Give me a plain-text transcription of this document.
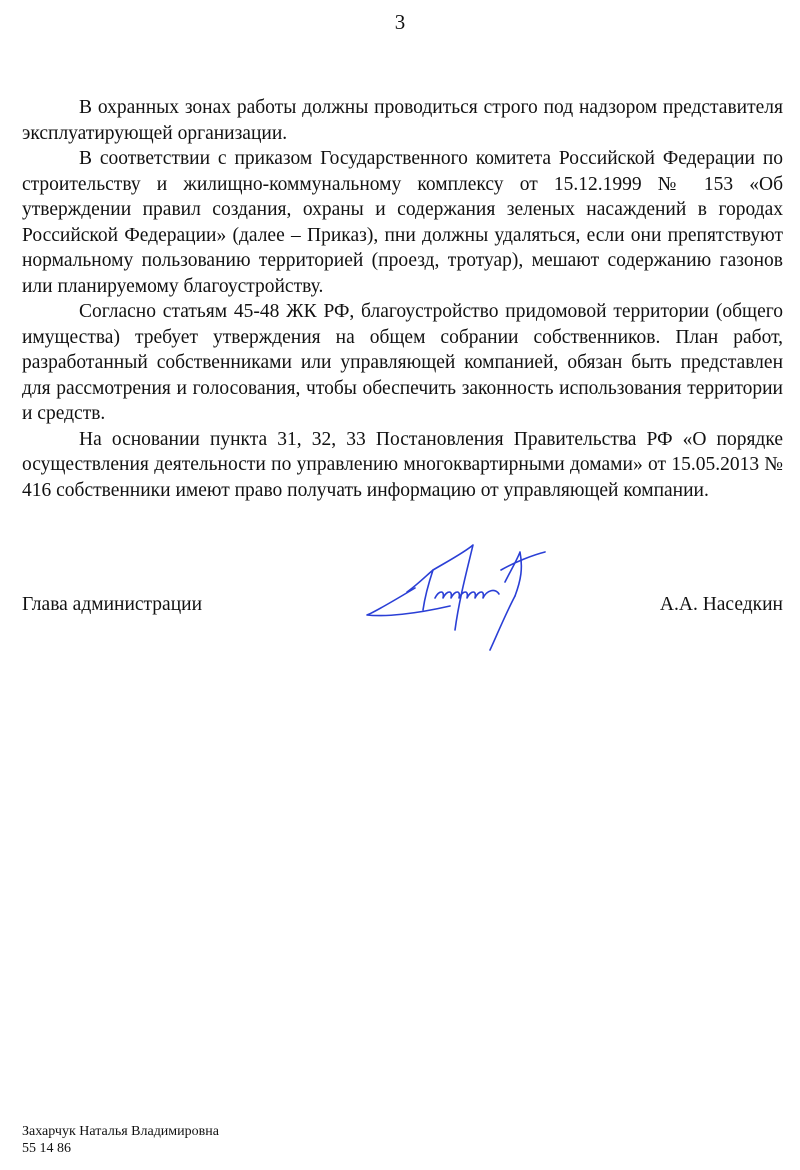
3

В охранных зонах работы должны проводиться строго под надзором представителя эксплуатирующей организации.

В соответствии с приказом Государственного комитета Российской Федерации по строительству и жилищно-коммунальному комплексу от 15.12.1999 № 153 «Об утверждении правил создания, охраны и содержания зеленых насаждений в городах Российской Федерации» (далее – Приказ), пни должны удаляться, если они препятствуют нормальному пользованию территорией (проезд, тротуар), мешают содержанию газонов или планируемому благоустройству.

Согласно статьям 45-48 ЖК РФ, благоустройство придомовой территории (общего имущества) требует утверждения на общем собрании собственников. План работ, разработанный собственниками или управляющей компанией, обязан быть представлен для рассмотрения и голосования, чтобы обеспечить законность использования территории и средств.

На основании пункта 31, 32, 33 Постановления Правительства РФ «О порядке осуществления деятельности по управлению многоквартирными домами» от 15.05.2013 № 416 собственники имеют право получать информацию от управляющей компании.

Глава администрации	А.А. Наседкин
Захарчук Наталья Владимировна
55 14 86
